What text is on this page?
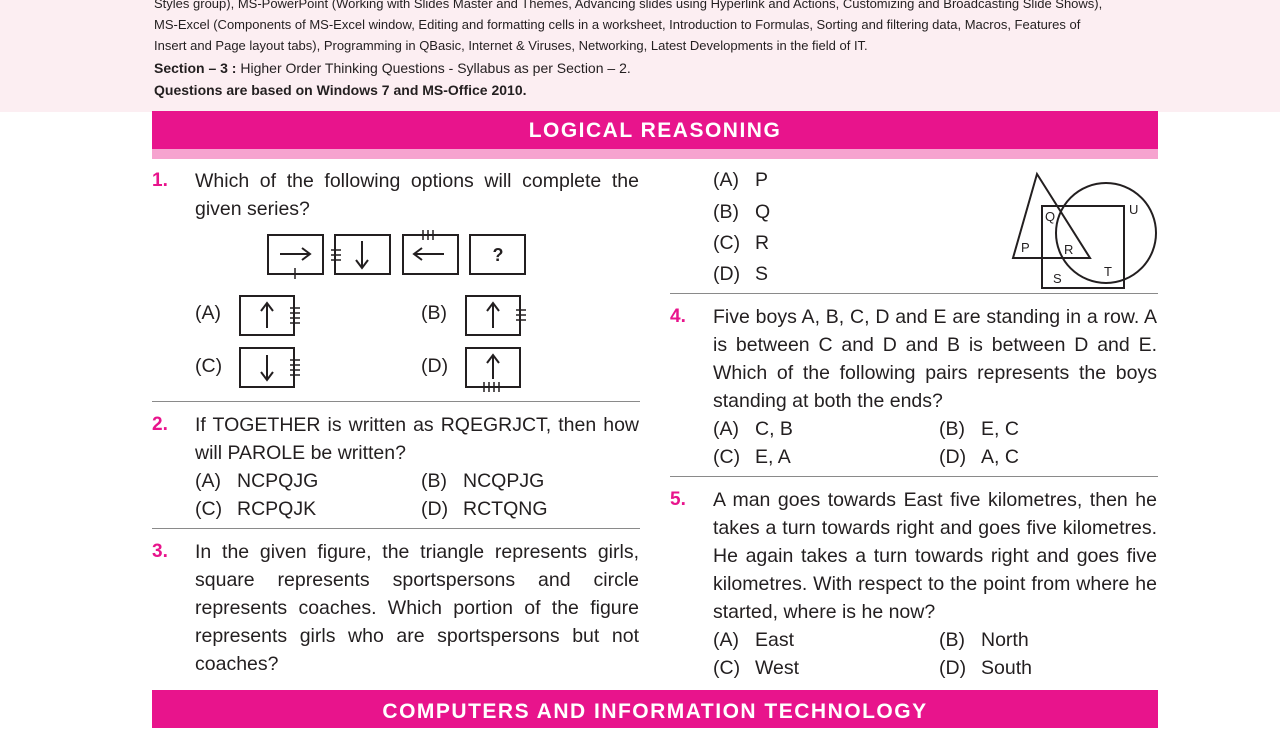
Styles group), MS-PowerPoint (Working with Slides Master and Themes, Advancing slides using Hyperlink and Actions, Customizing and Broadcasting Slide Shows),
MS-Excel (Components of MS-Excel window, Editing and formatting cells in a worksheet, Introduction to Formulas, Sorting and filtering data, Macros, Features of
Insert and Page layout tabs), Programming in QBasic, Internet & Viruses, Networking, Latest Developments in the field of IT.
Section – 3 : Higher Order Thinking Questions - Syllabus as per Section – 2.
Questions are based on Windows 7 and MS-Office 2010.
LOGICAL REASONING
1. Which of the following options will complete the given series?
?
(A)	(B)
(C)	(D)
2. If TOGETHER is written as RQEGRJCT, then how will PAROLE be written?
(A) NCPQJG	(B) NCQPJG
(C) RCPQJK	(D) RCTQNG
3. In the given figure, the triangle represents girls, square represents sportspersons and circle represents coaches. Which portion of the figure represents girls who are sportspersons but not coaches?
(A) P
(B) Q
(C) R
(D) S
P
Q
R
S	T
U
4. Five boys A, B, C, D and E are standing in a row. A is between C and D and B is between D and E. Which of the following pairs represents the boys standing at both the ends?
(A) C, B	(B) E, C
(C) E, A	(D) A, C
5. A man goes towards East five kilometres, then he takes a turn towards right and goes five kilometres. He again takes a turn towards right and goes five kilometres. With respect to the point from where he started, where is he now?
(A) East	(B) North
(C) West	(D) South
COMPUTERS AND INFORMATION TECHNOLOGY
